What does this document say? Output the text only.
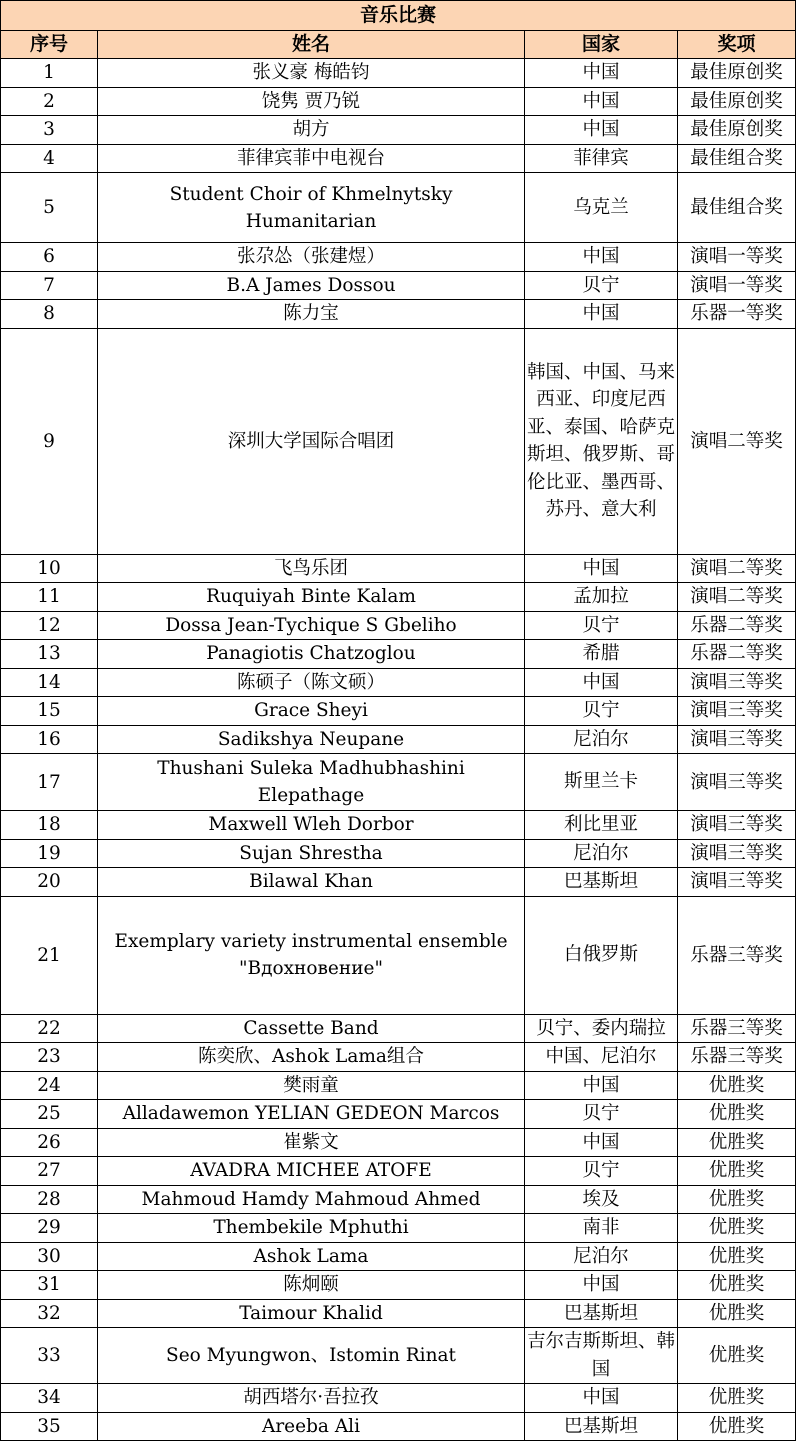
音乐比赛			
序号	姓名	国家	奖项
1	张义豪 梅皓钧	中国	最佳原创奖
2	饶隽 贾乃锐	中国	最佳原创奖
3	胡方	中国	最佳原创奖
4	菲律宾菲中电视台	菲律宾	最佳组合奖
5	Student Choir of Khmelnytsky Humanitarian	乌克兰	最佳组合奖
6	张尕怂（张建煜）	中国	演唱一等奖
7	B.A James Dossou	贝宁	演唱一等奖
8	陈力宝	中国	乐器一等奖
9	深圳大学国际合唱团	韩国、中国、马来西亚、印度尼西亚、泰国、哈萨克斯坦、俄罗斯、哥伦比亚、墨西哥、苏丹、意大利	演唱二等奖
10	飞鸟乐团	中国	演唱二等奖
11	Ruquiyah Binte Kalam	孟加拉	演唱二等奖
12	Dossa Jean-Tychique S Gbeliho	贝宁	乐器二等奖
13	Panagiotis Chatzoglou	希腊	乐器二等奖
14	陈硕子（陈文硕）	中国	演唱三等奖
15	Grace Sheyi	贝宁	演唱三等奖
16	Sadikshya Neupane	尼泊尔	演唱三等奖
17	Thushani Suleka Madhubhashini Elepathage	斯里兰卡	演唱三等奖
18	Maxwell Wleh Dorbor	利比里亚	演唱三等奖
19	Sujan Shrestha	尼泊尔	演唱三等奖
20	Bilawal Khan	巴基斯坦	演唱三等奖
21	Exemplary variety instrumental ensemble "Вдохновение"	白俄罗斯	乐器三等奖
22	Cassette Band	贝宁、委内瑞拉	乐器三等奖
23	陈奕欣、Ashok Lama组合	中国、尼泊尔	乐器三等奖
24	樊雨童	中国	优胜奖
25	Alladawemon YELIAN GEDEON Marcos	贝宁	优胜奖
26	崔紫文	中国	优胜奖
27	AVADRA MICHEE ATOFE	贝宁	优胜奖
28	Mahmoud Hamdy Mahmoud Ahmed	埃及	优胜奖
29	Thembekile Mphuthi	南非	优胜奖
30	Ashok Lama	尼泊尔	优胜奖
31	陈炯颐	中国	优胜奖
32	Taimour Khalid	巴基斯坦	优胜奖
33	Seo Myungwon、Istomin Rinat	吉尔吉斯斯坦、韩国	优胜奖
34	胡西塔尔·吾拉孜	中国	优胜奖
35	Areeba Ali	巴基斯坦	优胜奖
